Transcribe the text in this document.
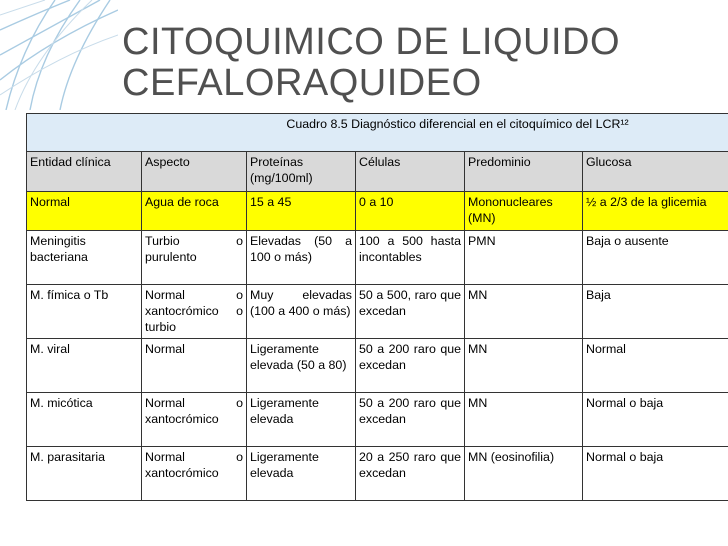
CITOQUIMICO DE LIQUIDO
CEFALORAQUIDEO
Cuadro 8.5 Diagnóstico diferencial en el citoquímico del LCR¹²					
Entidad clínica	Aspecto	Proteínas (mg/100ml)	Células	Predominio	Glucosa
Normal	Agua de roca	15 a 45	0 a 10	Mononucleares (MN)	½ a 2/3 de la glicemia
Meningitis bacteriana	Turbio o purulento	Elevadas (50 a 100 o más)	100 a 500 hasta incontables	PMN	Baja o ausente
M. fímica o Tb	Normal o xantocrómico o turbio	Muy elevadas (100 a 400 o más)	50 a 500, raro que excedan	MN	Baja
M. viral	Normal	Ligeramente elevada (50 a 80)	50 a 200 raro que excedan	MN	Normal
M. micótica	Normal o xantocrómico	Ligeramente elevada	50 a 200 raro que excedan	MN	Normal o baja
M. parasitaria	Normal o xantocrómico	Ligeramente elevada	20 a 250 raro que excedan	MN (eosinofilia)	Normal o baja
